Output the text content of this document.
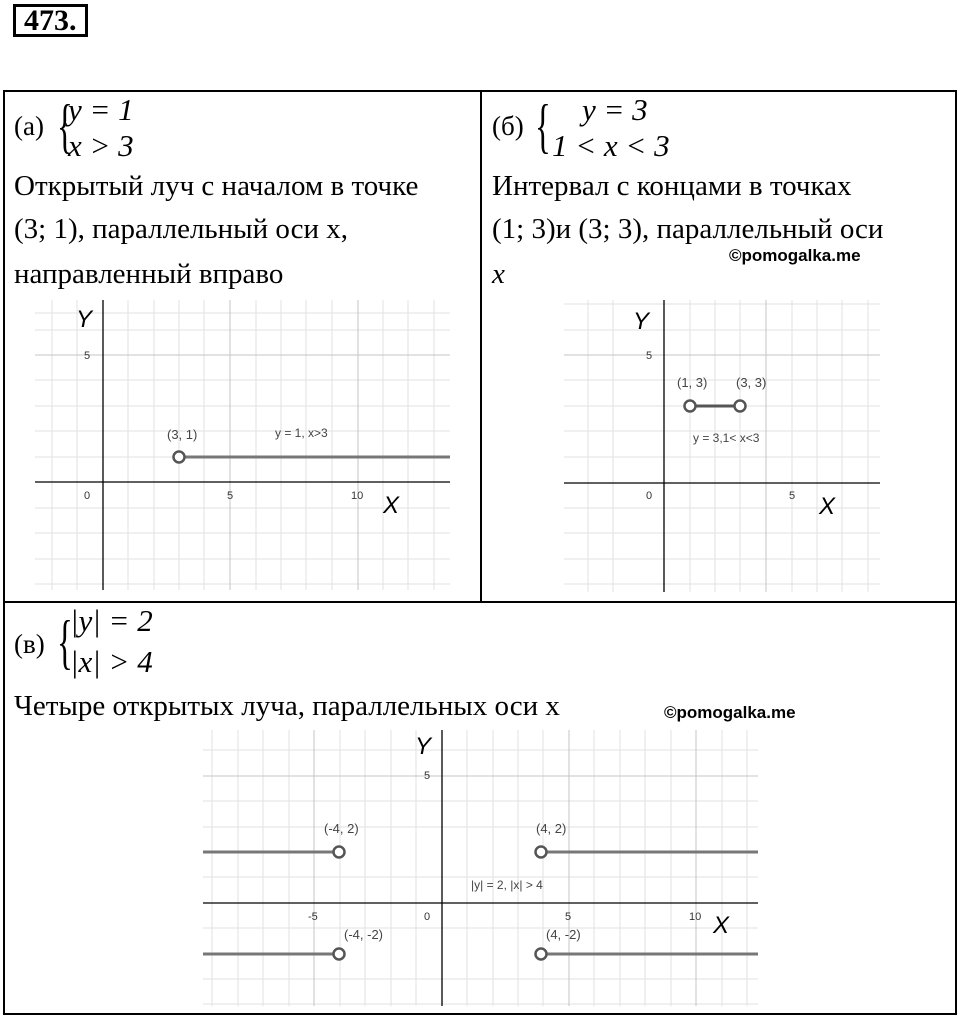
473.
(а) {
y = 1
x > 3
Открытый луч с началом в точке
(3; 1), параллельный оси x,
направленный вправо
Y
X
5
0	5	10
(3, 1)	y = 1, x>3
(б) { y = 3
1 < x < 3
Интервал с концами в точках
(1; 3)и (3; 3), параллельный оси
x
©pomogalka.me
Y
X
5
0	5
(1, 3) (3, 3)
y = 3,1< x<3
(в) {
|y| = 2
|x| > 4
Четыре открытых луча, параллельных оси x	©pomogalka.me
Y
X
5
0
-5	5	10
(-4, 2)	(4, 2)
(-4, -2)	(4, -2)
|y| = 2, |x| > 4
